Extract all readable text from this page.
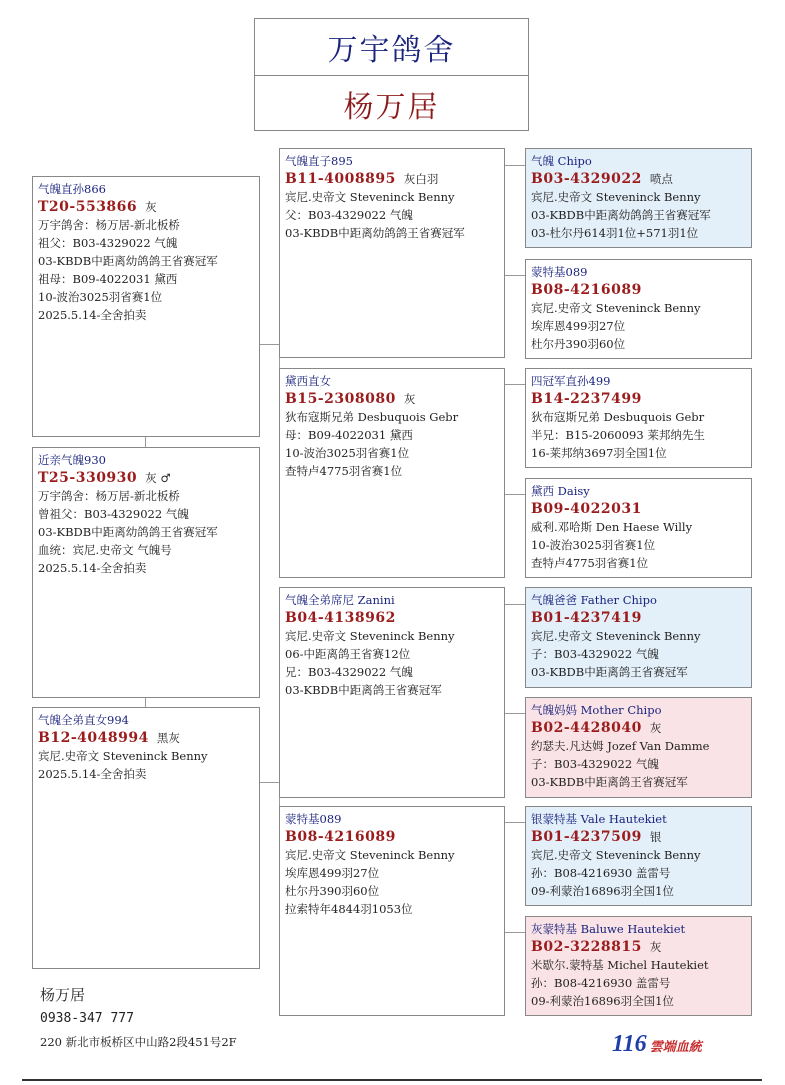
万宇鸽舍
杨万居
气魄直孙866
T20-553866 灰
万宇鸽舍：杨万居-新北板桥
祖父：B03-4329022 气魄
03-KBDB中距离幼鸽鸽王省赛冠军
祖母：B09-4022031 黛西
10-波治3025羽省赛1位
2025.5.14-全舍拍卖
近亲气魄930
T25-330930 灰 ♂
万宇鸽舍：杨万居-新北板桥
曾祖父：B03-4329022 气魄
03-KBDB中距离幼鸽鸽王省赛冠军
血统：宾尼.史帝文 气魄号
2025.5.14-全舍拍卖
气魄全弟直女994
B12-4048994 黑灰
宾尼.史帝文 Steveninck Benny
2025.5.14-全舍拍卖
气魄直子895
B11-4008895 灰白羽
宾尼.史帝文 Steveninck Benny
父：B03-4329022 气魄
03-KBDB中距离幼鸽鸽王省赛冠军
黛西直女
B15-2308080 灰
狄布寇斯兄弟 Desbuquois Gebr
母：B09-4022031 黛西
10-波治3025羽省赛1位
查特卢4775羽省赛1位
气魄全弟席尼 Zanini
B04-4138962
宾尼.史帝文 Steveninck Benny
06-中距离鸽王省赛12位
兄：B03-4329022 气魄
03-KBDB中距离鸽王省赛冠军
蒙特基089
B08-4216089
宾尼.史帝文 Steveninck Benny
埃库恩499羽27位
杜尔丹390羽60位
拉索特年4844羽1053位
气魄 Chipo
B03-4329022 喷点
宾尼.史帝文 Steveninck Benny
03-KBDB中距离幼鸽鸽王省赛冠军
03-杜尔丹614羽1位+571羽1位
蒙特基089
B08-4216089
宾尼.史帝文 Steveninck Benny
埃库恩499羽27位
杜尔丹390羽60位
四冠军直孙499
B14-2237499
狄布寇斯兄弟 Desbuquois Gebr
半兄：B15-2060093 莱邦纳先生
16-莱邦纳3697羽全国1位
黛西 Daisy
B09-4022031
威利.邓哈斯 Den Haese Willy
10-波治3025羽省赛1位
查特卢4775羽省赛1位
气魄爸爸 Father Chipo
B01-4237419
宾尼.史帝文 Steveninck Benny
子：B03-4329022 气魄
03-KBDB中距离鸽王省赛冠军
气魄妈妈 Mother Chipo
B02-4428040 灰
约瑟夫.凡达姆 Jozef Van Damme
子：B03-4329022 气魄
03-KBDB中距离鸽王省赛冠军
银蒙特基 Vale Hautekiet
B01-4237509 银
宾尼.史帝文 Steveninck Benny
孙：B08-4216930 盖雷号
09-利蒙治16896羽全国1位
灰蒙特基 Baluwe Hautekiet
B02-3228815 灰
米歇尔.蒙特基 Michel Hautekiet
孙：B08-4216930 盖雷号
09-利蒙治16896羽全国1位
杨万居
0938-347 777
220 新北市板桥区中山路2段451号2F	116 雲端血統
